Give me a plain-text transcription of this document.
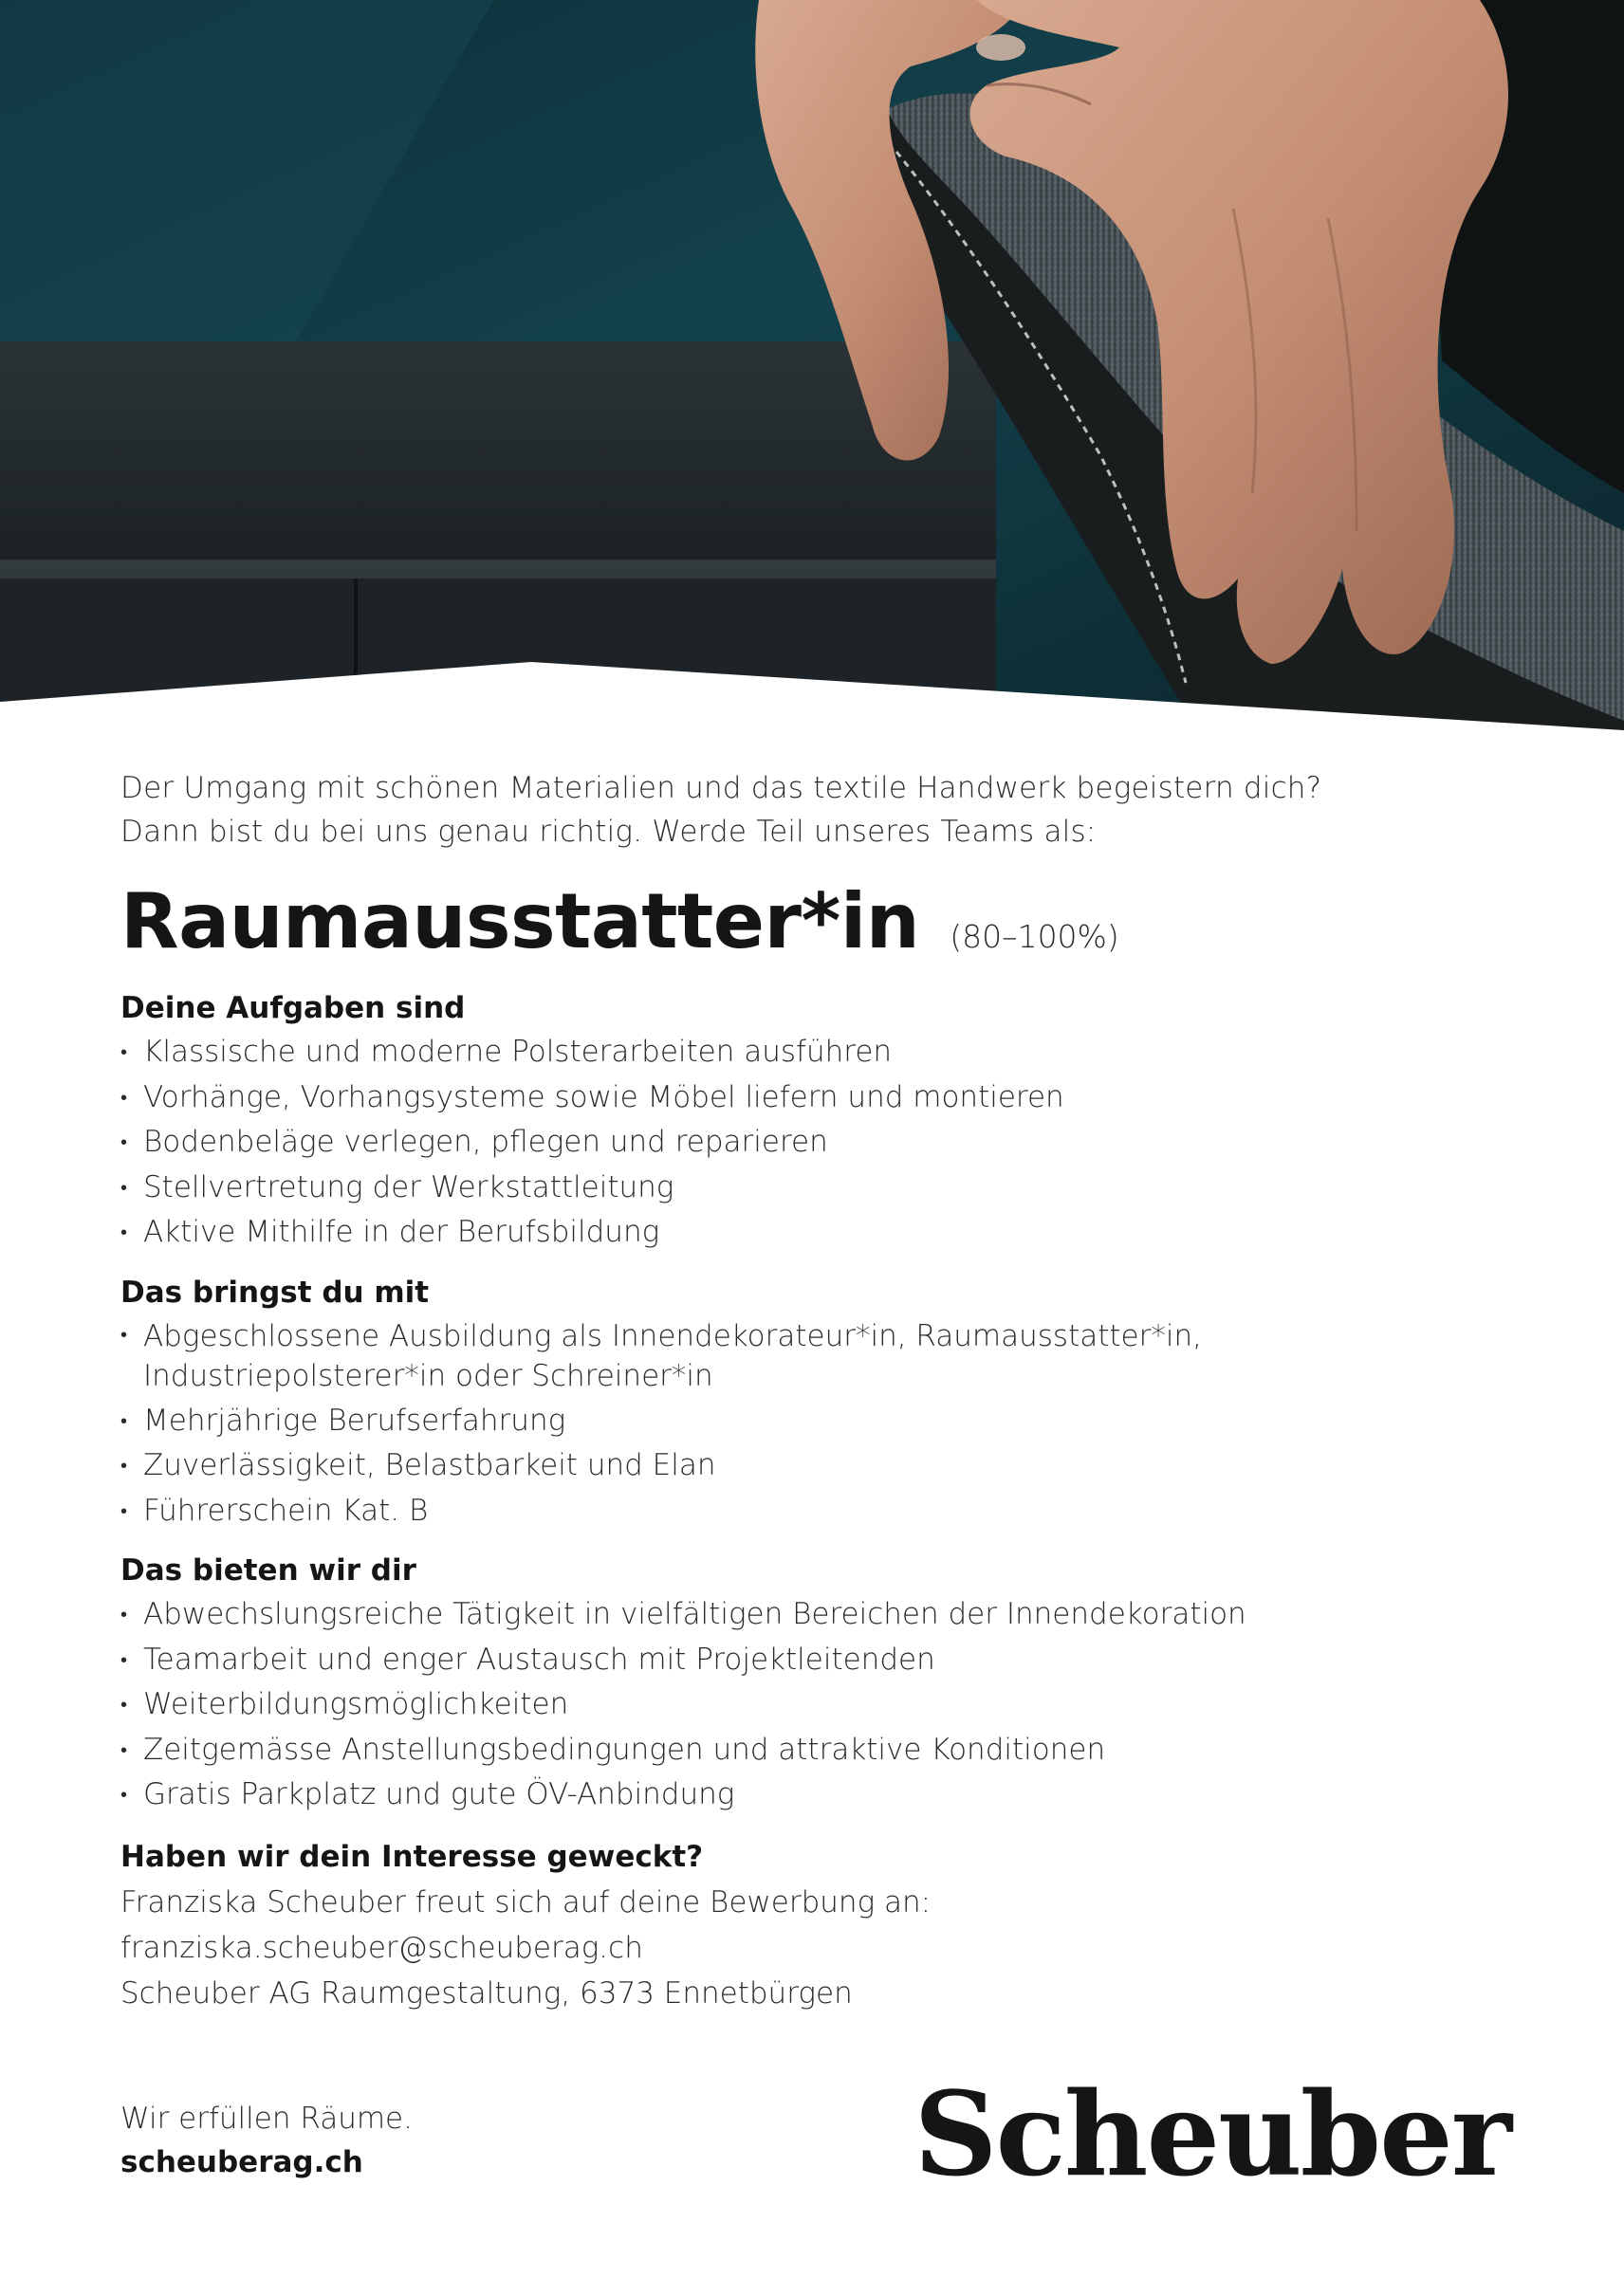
Der Umgang mit schönen Materialien und das textile Handwerk begeistern dich?

Dann bist du bei uns genau richtig. Werde Teil unseres Teams als:

Raumausstatter*in (80–100%)
Deine Aufgaben sind
• Klassische und moderne Polsterarbeiten ausführen
• Vorhänge, Vorhangsysteme sowie Möbel liefern und montieren
• Bodenbeläge verlegen, pflegen und reparieren
• Stellvertretung der Werkstattleitung
• Aktive Mithilfe in der Berufsbildung
Das bringst du mit
• Abgeschlossene Ausbildung als Innendekorateur*in, Raumausstatter*in,
Industriepolsterer*in oder Schreiner*in
• Mehrjährige Berufserfahrung
• Zuverlässigkeit, Belastbarkeit und Elan
• Führerschein Kat. B
Das bieten wir dir
• Abwechslungsreiche Tätigkeit in vielfältigen Bereichen der Innendekoration
• Teamarbeit und enger Austausch mit Projektleitenden
• Weiterbildungsmöglichkeiten
• Zeitgemässe Anstellungsbedingungen und attraktive Konditionen
• Gratis Parkplatz und gute ÖV-Anbindung
Haben wir dein Interesse geweckt?

Franziska Scheuber freut sich auf deine Bewerbung an:

franziska.scheuber@scheuberag.ch

Scheuber AG Raumgestaltung, 6373 Ennetbürgen

Wir erfüllen Räume.

scheuberag.ch	Scheuber
